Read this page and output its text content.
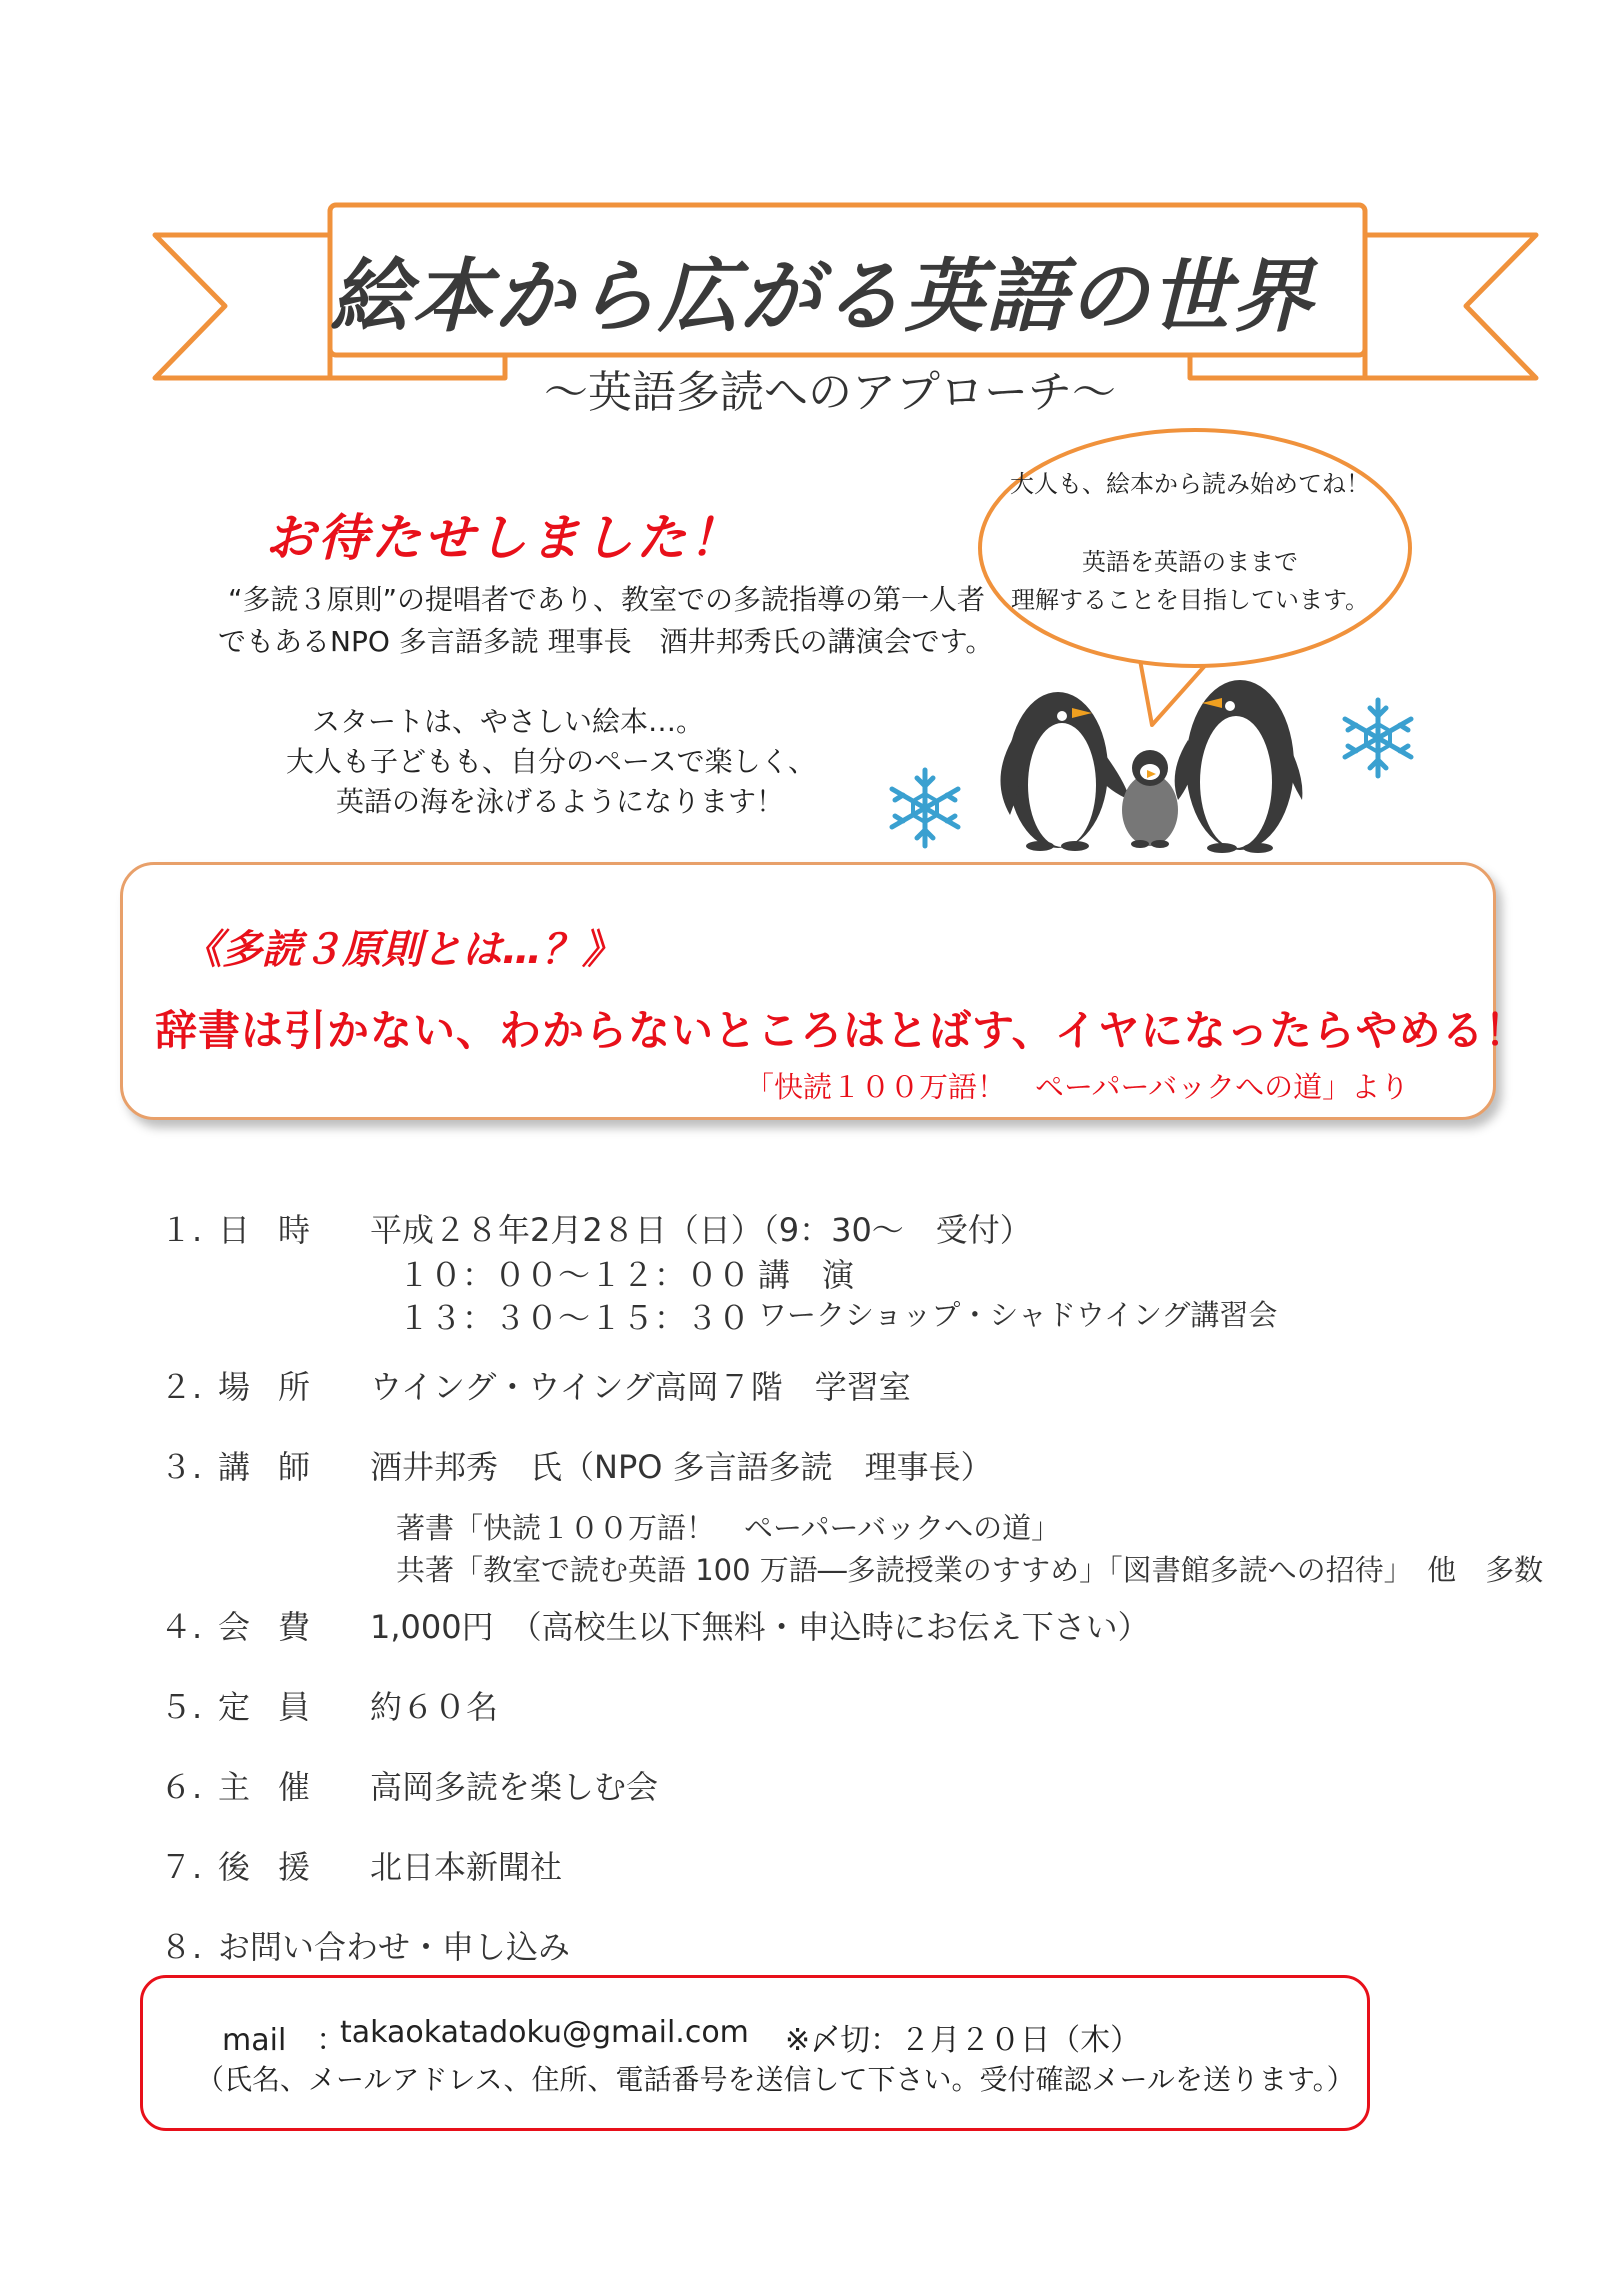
絵本から広がる英語の世界
～英語多読へのアプローチ～
大人も、絵本から読み始めてね！
英語を英語のままで
理解することを目指しています。
お待たせしました！
“多読３原則”の提唱者であり、教室での多読指導の第一人者
でもあるNPO 多言語多読 理事長　酒井邦秀氏の講演会です。
スタートは、やさしい絵本…。
大人も子どもも、自分のペースで楽しく、
英語の海を泳げるようになります！
《多読３原則とは…？》
辞書は引かない、わからないところはとばす、イヤになったらやめる！
「快読１００万語！　ペーパーバックへの道」より
１. 日時 平成２８年2月2８日（日）（9：30～　受付）
１０：００～１２：００ 講　演
１３：３０～１５：３０ ワークショップ・シャドウイング講習会
２. 場所 ウイング・ウイング高岡７階　学習室
３. 講師 酒井邦秀　氏（NPO 多言語多読　理事長）
著書「快読１００万語！　ペーパーバックへの道」
共著「教室で読む英語 100 万語―多読授業のすすめ」「図書館多読への招待」　他　多数
４. 会費 1,000円　（高校生以下無料・申込時にお伝え下さい）
５. 定員 約６０名
６. 主催 高岡多読を楽しむ会
７. 後援 北日本新聞社
８. お問い合わせ・申し込み
mail　：
takaokatadoku@gmail.com ※〆切：２月２０日（木）
（氏名、メールアドレス、住所、電話番号を送信して下さい。受付確認メールを送ります。）
